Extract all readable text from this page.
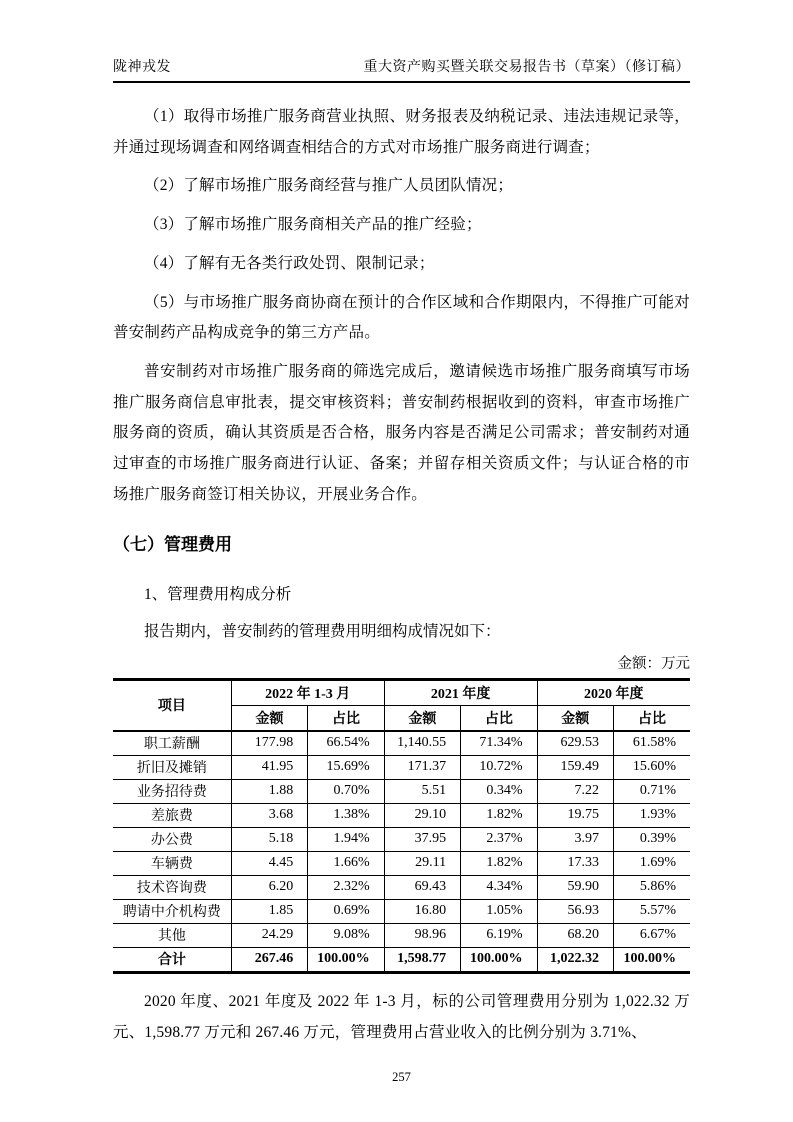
陇神戎发	重大资产购买暨关联交易报告书（草案）（修订稿）

（1）取得市场推广服务商营业执照、财务报表及纳税记录、违法违规记录等，并通过现场调查和网络调查相结合的方式对市场推广服务商进行调查；

（2）了解市场推广服务商经营与推广人员团队情况；

（3）了解市场推广服务商相关产品的推广经验；

（4）了解有无各类行政处罚、限制记录；

（5）与市场推广服务商协商在预计的合作区域和合作期限内，不得推广可能对普安制药产品构成竞争的第三方产品。

普安制药对市场推广服务商的筛选完成后，邀请候选市场推广服务商填写市场推广服务商信息审批表，提交审核资料；普安制药根据收到的资料，审查市场推广服务商的资质，确认其资质是否合格，服务内容是否满足公司需求；普安制药对通过审查的市场推广服务商进行认证、备案；并留存相关资质文件；与认证合格的市场推广服务商签订相关协议，开展业务合作。

（七）管理费用

1、管理费用构成分析

报告期内，普安制药的管理费用明细构成情况如下：

金额：万元

项目	2022 年 1-3 月		2021 年度		2020 年度	
	金额	占比	金额	占比	金额	占比
职工薪酬	177.98	66.54%	1,140.55	71.34%	629.53	61.58%
折旧及摊销	41.95	15.69%	171.37	10.72%	159.49	15.60%
业务招待费	1.88	0.70%	5.51	0.34%	7.22	0.71%
差旅费	3.68	1.38%	29.10	1.82%	19.75	1.93%
办公费	5.18	1.94%	37.95	2.37%	3.97	0.39%
车辆费	4.45	1.66%	29.11	1.82%	17.33	1.69%
技术咨询费	6.20	2.32%	69.43	4.34%	59.90	5.86%
聘请中介机构费	1.85	0.69%	16.80	1.05%	56.93	5.57%
其他	24.29	9.08%	98.96	6.19%	68.20	6.67%
合计	267.46	100.00%	1,598.77	100.00%	1,022.32	100.00%

2020 年度、2021 年度及 2022 年 1-3 月，标的公司管理费用分别为 1,022.32 万元、1,598.77 万元和 267.46 万元，管理费用占营业收入的比例分别为 3.71%、

257
